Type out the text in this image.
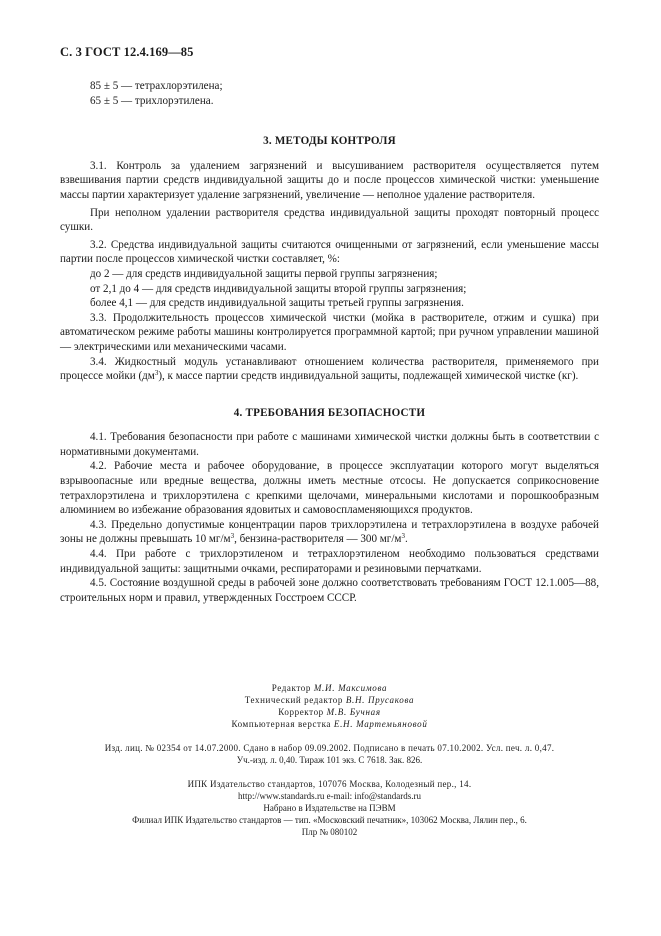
С. 3 ГОСТ 12.4.169—85

85 ± 5 — тетрахлорэтилена;

65 ± 5 — трихлорэтилена.

3. МЕТОДЫ КОНТРОЛЯ

3.1. Контроль за удалением загрязнений и высушиванием растворителя осуществляется путем взвешивания партии средств индивидуальной защиты до и после процессов химической чистки: уменьшение массы партии характеризует удаление загрязнений, увеличение — неполное удаление растворителя.

При неполном удалении растворителя средства индивидуальной защиты проходят повторный процесс сушки.

3.2. Средства индивидуальной защиты считаются очищенными от загрязнений, если уменьшение массы партии после процессов химической чистки составляет, %:

до 2 — для средств индивидуальной защиты первой группы загрязнения;

от 2,1 до 4 — для средств индивидуальной защиты второй группы загрязнения;

более 4,1 — для средств индивидуальной защиты третьей группы загрязнения.

3.3. Продолжительность процессов химической чистки (мойка в растворителе, отжим и сушка) при автоматическом режиме работы машины контролируется программной картой; при ручном управлении машиной — электрическими или механическими часами.

3.4. Жидкостный модуль устанавливают отношением количества растворителя, применяемого при процессе мойки $(дм^3)$, к массе партии средств индивидуальной защиты, подлежащей химической чистке (кг).

4. ТРЕБОВАНИЯ БЕЗОПАСНОСТИ

4.1. Требования безопасности при работе с машинами химической чистки должны быть в соответствии с нормативными документами.

4.2. Рабочие места и рабочее оборудование, в процессе эксплуатации которого могут выделяться взрывоопасные или вредные вещества, должны иметь местные отсосы. Не допускается соприкосновение тетрахлорэтилена и трихлорэтилена с крепкими щелочами, минеральными кислотами и порошкообразным алюминием во избежание образования ядовитых и самовоспламеняющихся продуктов.

4.3. Предельно допустимые концентрации паров трихлорэтилена и тетрахлорэтилена в воздухе рабочей зоны не должны превышать 10 $мг/м^3$, бензина-растворителя — 300 $мг/м^3$.

4.4. При работе с трихлорэтиленом и тетрахлорэтиленом необходимо пользоваться средствами индивидуальной защиты: защитными очками, респираторами и резиновыми перчатками.

4.5. Состояние воздушной среды в рабочей зоне должно соответствовать требованиям ГОСТ 12.1.005—88, строительных норм и правил, утвержденных Госстроем СССР.

Редактор М.И. Максимова
Технический редактор В.Н. Прусакова
Корректор М.В. Бучная
Компьютерная верстка Е.Н. Мартемьяновой
Изд. лиц. № 02354 от 14.07.2000. Сдано в набор 09.09.2002. Подписано в печать 07.10.2002. Усл. печ. л. 0,47.
Уч.-изд. л. 0,40. Тираж 101 экз. С 7618. Зак. 826.
ИПК Издательство стандартов, 107076 Москва, Колодезный пер., 14.
http://www.standards.ru e-mail: info@standards.ru
Набрано в Издательстве на ПЭВМ
Филиал ИПК Издательство стандартов — тип. «Московский печатник», 103062 Москва, Лялин пер., 6.
Плр № 080102
